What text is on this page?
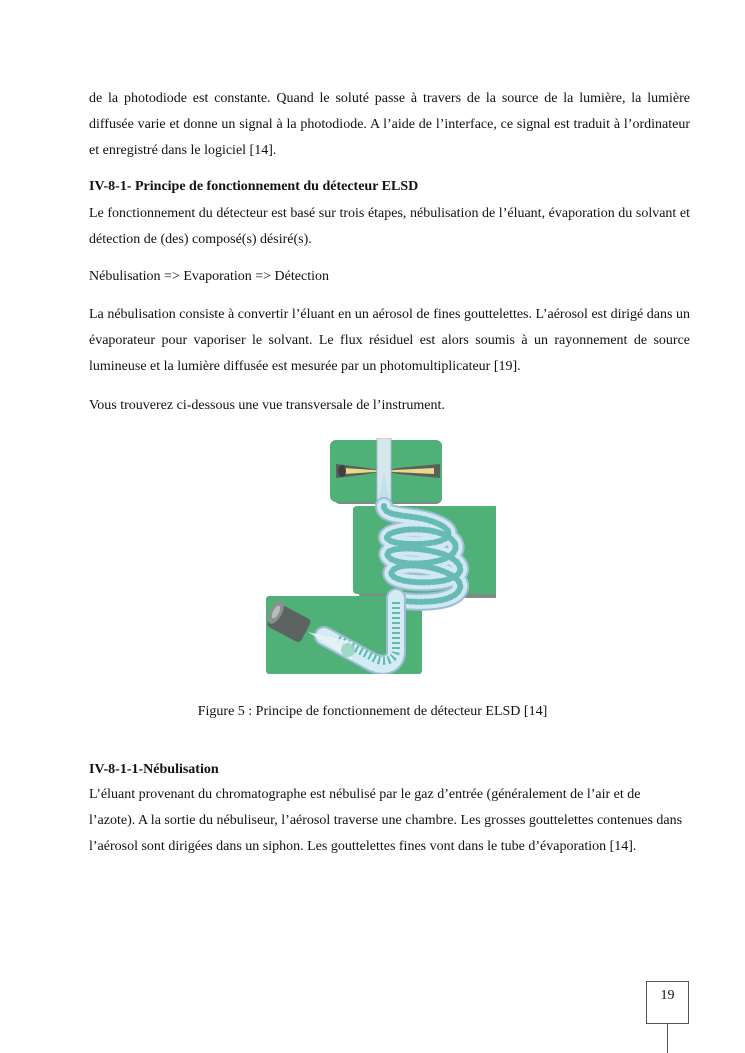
de la photodiode est constante. Quand le soluté passe à travers de la source de la lumière, la lumière diffusée varie et donne un signal à la photodiode. A l’aide de l’interface, ce signal est traduit à l’ordinateur et enregistré dans le logiciel [14].

IV-8-1- Principe de fonctionnement du détecteur ELSD

Le fonctionnement du détecteur est basé sur trois étapes, nébulisation de l’éluant, évaporation du solvant et détection de (des) composé(s) désiré(s).

Nébulisation => Evaporation => Détection

La nébulisation consiste à convertir l’éluant en un aérosol de fines gouttelettes. L’aérosol est dirigé dans un évaporateur pour vaporiser le solvant. Le flux résiduel est alors soumis à un rayonnement de source lumineuse et la lumière diffusée est mesurée par un photomultiplicateur [19].

Vous trouverez ci-dessous une vue transversale de l’instrument.

Figure 5 : Principe de fonctionnement de détecteur ELSD [14]

IV-8-1-1-Nébulisation

L’éluant provenant du chromatographe est nébulisé par le gaz d’entrée (généralement de l’air et de l’azote). A la sortie du nébuliseur, l’aérosol traverse une chambre. Les grosses gouttelettes contenues dans l’aérosol sont dirigées dans un siphon. Les gouttelettes fines vont dans le tube d’évaporation [14].

19
